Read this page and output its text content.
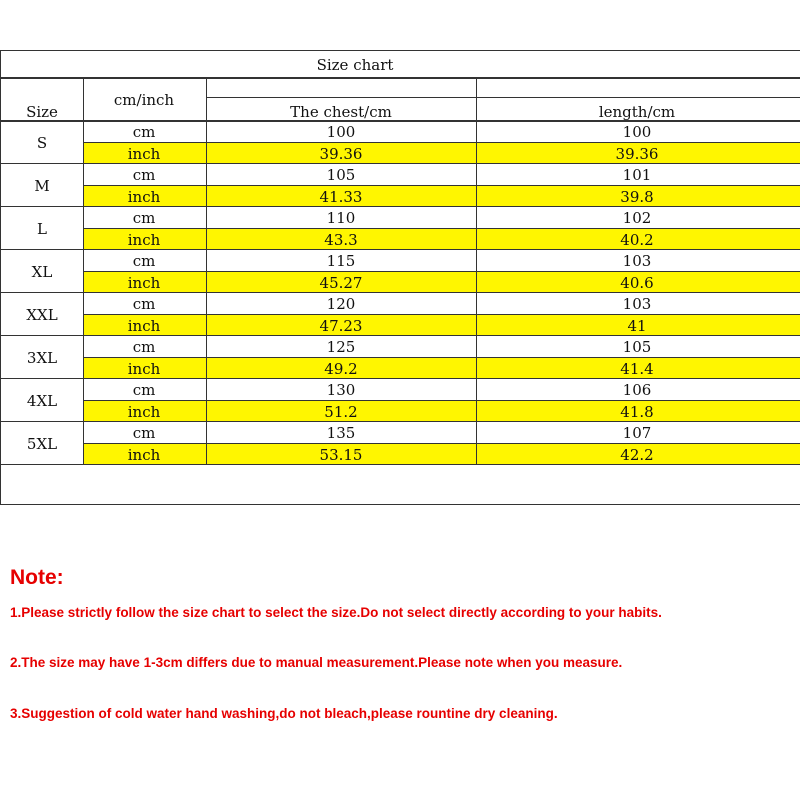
Size chart
Size
cm/inch
The chest/cm	length/cm
S
cm
inch
100
39.36
100
39.36
M
cm
inch
105
41.33
101
39.8
L
cm
inch
110
43.3
102
40.2
XL
cm
inch
115
45.27
103
40.6
XXL
cm
inch
120
47.23
103
41
3XL
cm
inch
125
49.2
105
41.4
4XL
cm
inch
130
51.2
106
41.8
5XL
cm
inch
135
53.15
107
42.2
Note:
1.Please strictly follow the size chart to select the size.Do not select directly according to your habits.
2.The size may have 1-3cm differs due to manual measurement.Please note when you measure.
3.Suggestion of cold water hand washing,do not bleach,please rountine dry cleaning.
